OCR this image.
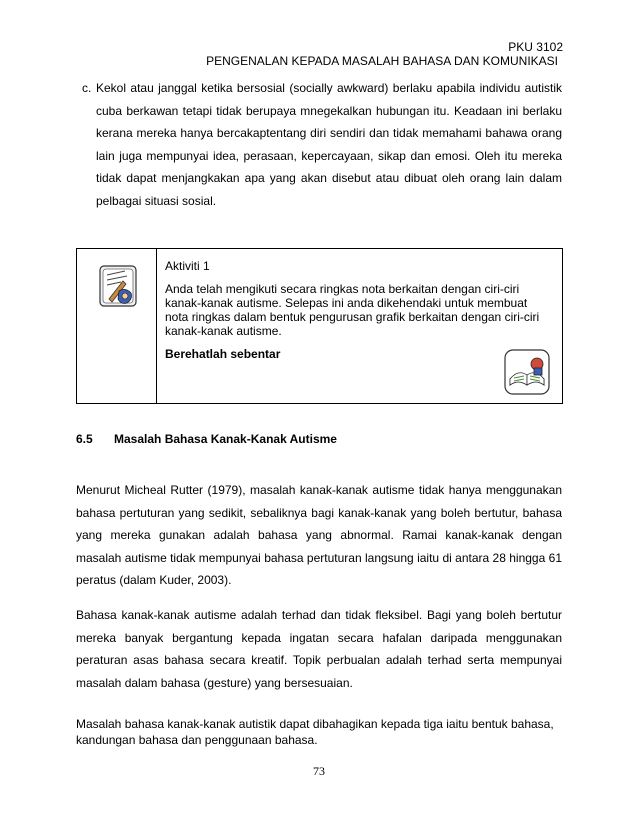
PKU 3102
PENGENALAN KEPADA MASALAH BAHASA DAN KOMUNIKASI
c. Kekol atau janggal ketika bersosial (socially awkward) berlaku apabila individu autistik cuba berkawan tetapi tidak berupaya mnegekalkan hubungan itu. Keadaan ini berlaku kerana mereka hanya bercakaptentang diri sendiri dan tidak memahami bahawa orang lain juga mempunyai idea, perasaan, kepercayaan, sikap dan emosi. Oleh itu mereka tidak dapat menjangkakan apa yang akan disebut atau dibuat oleh orang lain dalam pelbagai situasi sosial.

Aktiviti 1

Anda telah mengikuti secara ringkas nota berkaitan dengan ciri-ciri kanak-kanak autisme. Selepas ini anda dikehendaki untuk membuat nota ringkas dalam bentuk pengurusan grafik berkaitan dengan ciri-ciri kanak-kanak autisme.

Berehatlah sebentar

6.5 Masalah Bahasa Kanak-Kanak Autisme
Menurut Micheal Rutter (1979), masalah kanak-kanak autisme tidak hanya menggunakan bahasa pertuturan yang sedikit, sebaliknya bagi kanak-kanak yang boleh bertutur, bahasa yang mereka gunakan adalah bahasa yang abnormal. Ramai kanak-kanak dengan masalah autisme tidak mempunyai bahasa pertuturan langsung iaitu di antara 28 hingga 61 peratus (dalam Kuder, 2003).
Bahasa kanak-kanak autisme adalah terhad dan tidak fleksibel. Bagi yang boleh bertutur mereka banyak bergantung kepada ingatan secara hafalan daripada menggunakan peraturan asas bahasa secara kreatif. Topik perbualan adalah terhad serta mempunyai masalah dalam bahasa (gesture) yang bersesuaian.
Masalah bahasa kanak-kanak autistik dapat dibahagikan kepada tiga iaitu bentuk bahasa, kandungan bahasa dan penggunaan bahasa.
73
